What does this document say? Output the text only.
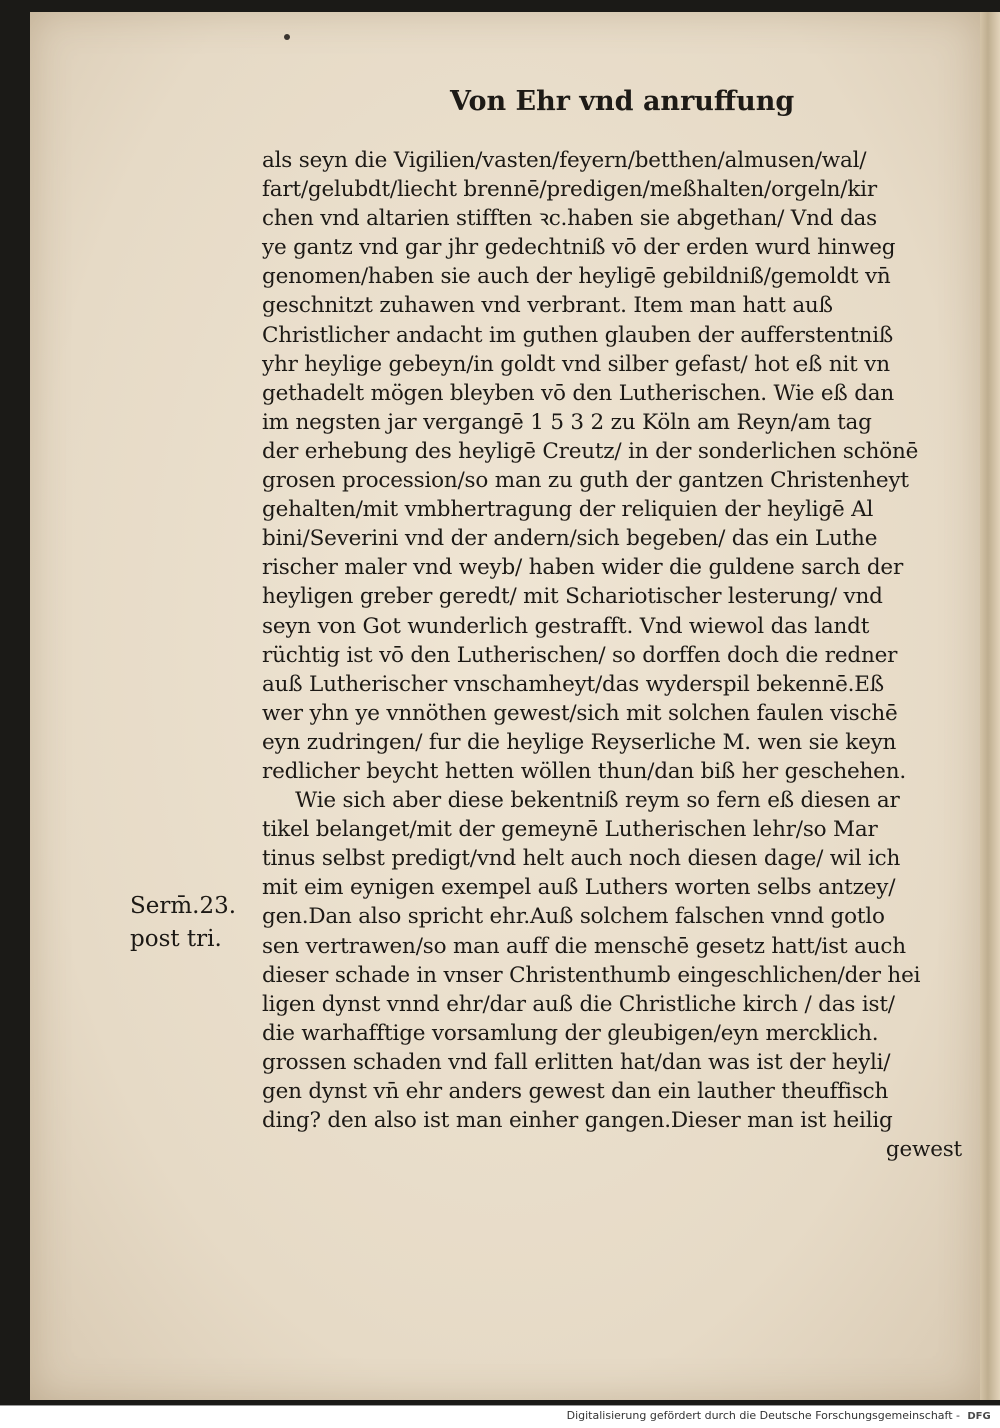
Von Ehr vnd anruffung
Serm̄.23.
post tri.
als seyn die Vigilien/vasten/feyern/betthen/almusen/wal/
fart/gelubdt/liecht brennē/predigen/meßhalten/orgeln/kir
chen vnd altarien stifften ꝛc.haben sie abgethan/ Vnd das
ye gantz vnd gar jhr gedechtniß vō der erden wurd hinweg
genomen/haben sie auch der heyligē gebildniß/gemoldt vn̄
geschnitzt zuhawen vnd verbrant. Item man hatt auß
Christlicher andacht im guthen glauben der aufferstentniß
yhr heylige gebeyn/in goldt vnd silber gefast/ hot eß nit vn
gethadelt mögen bleyben vō den Lutherischen. Wie eß dan
im negsten jar vergangē 1 5 3 2 zu Köln am Reyn/am tag
der erhebung des heyligē Creutz/ in der sonderlichen schönē
grosen procession/so man zu guth der gantzen Christenheyt
gehalten/mit vmbhertragung der reliquien der heyligē Al
bini/Severini vnd der andern/sich begeben/ das ein Luthe
rischer maler vnd weyb/ haben wider die guldene sarch der
heyligen greber geredt/ mit Schariotischer lesterung/ vnd
seyn von Got wunderlich gestrafft. Vnd wiewol das landt
rüchtig ist vō den Lutherischen/ so dorffen doch die redner
auß Lutherischer vnschamheyt/das wyderspil bekennē.Eß
wer yhn ye vnnöthen gewest/sich mit solchen faulen vischē
eyn zudringen/ fur die heylige Reyserliche M. wen sie keyn
redlicher beycht hetten wöllen thun/dan biß her geschehen.
Wie sich aber diese bekentniß reym so fern eß diesen ar
tikel belanget/mit der gemeynē Lutherischen lehr/so Mar
tinus selbst predigt/vnd helt auch noch diesen dage/ wil ich
mit eim eynigen exempel auß Luthers worten selbs antzey/
gen.Dan also spricht ehr.Auß solchem falschen vnnd gotlo
sen vertrawen/so man auff die menschē gesetz hatt/ist auch
dieser schade in vnser Christenthumb eingeschlichen/der hei
ligen dynst vnnd ehr/dar auß die Christliche kirch / das ist/
die warhafftige vorsamlung der gleubigen/eyn mercklich.
grossen schaden vnd fall erlitten hat/dan was ist der heyli/
gen dynst vn̄ ehr anders gewest dan ein lauther theuffisch
ding? den also ist man einher gangen.Dieser man ist heilig
gewest
Digitalisierung gefördert durch die Deutsche Forschungsgemeinschaft - DFG
